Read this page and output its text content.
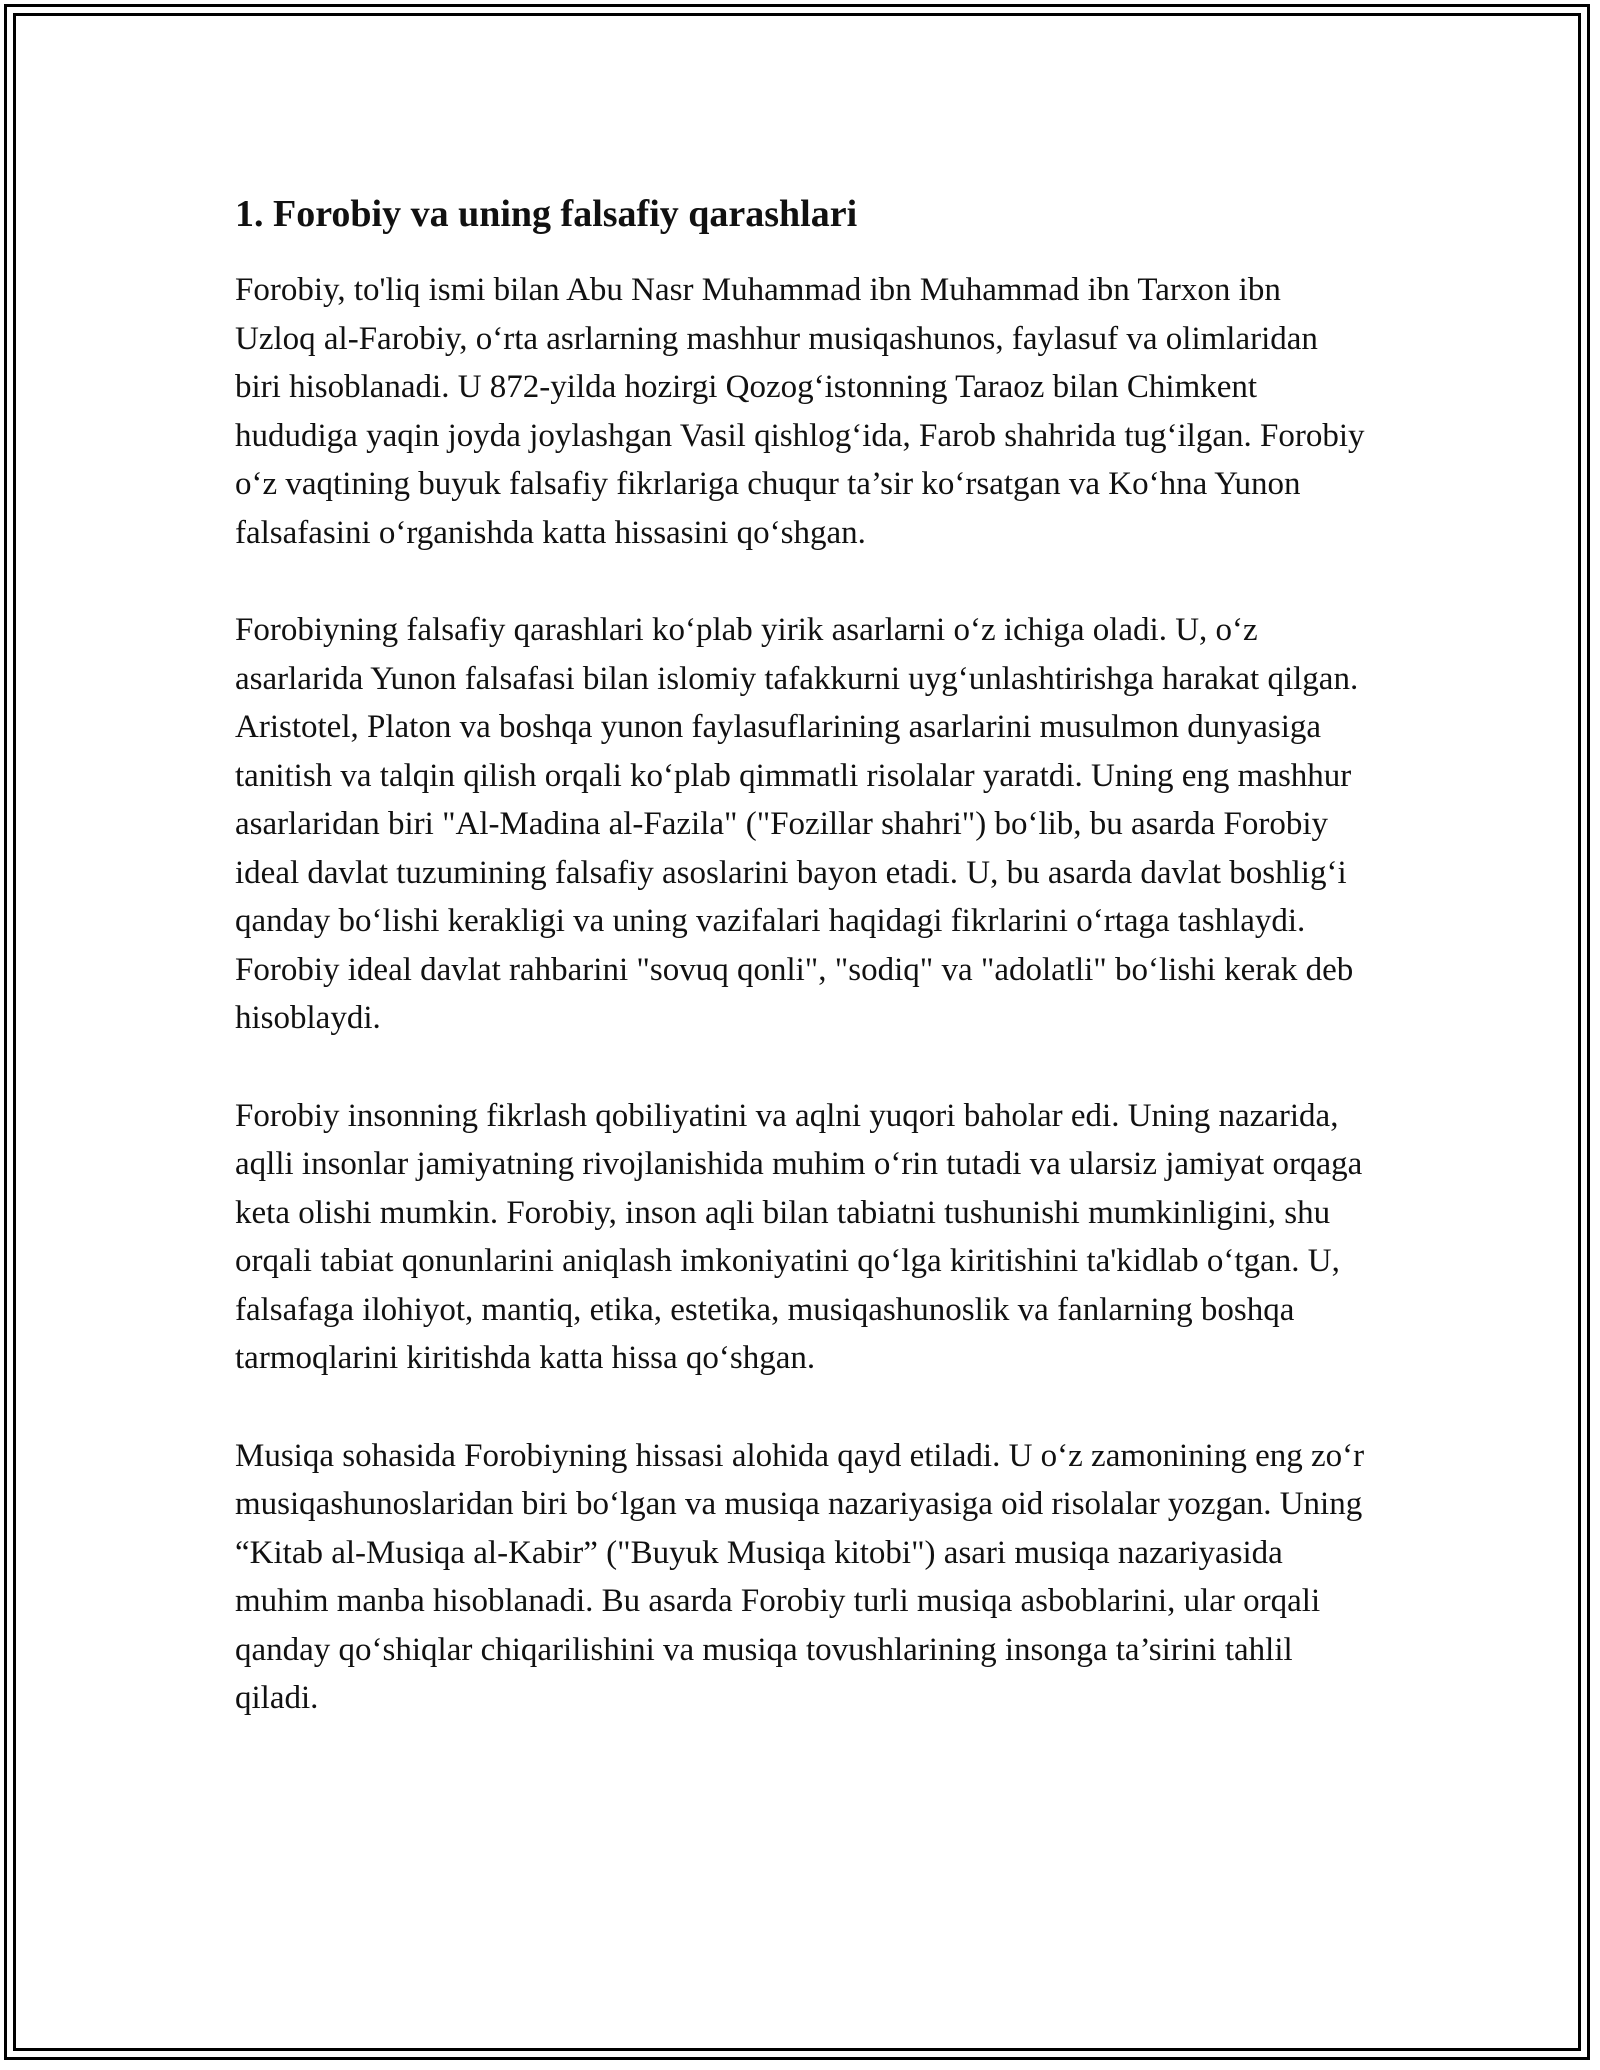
1. Forobiy va uning falsafiy qarashlari

Forobiy, to'liq ismi bilan Abu Nasr Muhammad ibn Muhammad ibn Tarxon ibn Uzloq al-Farobiy, o‘rta asrlarning mashhur musiqashunos, faylasuf va olimlaridan biri hisoblanadi. U 872-yilda hozirgi Qozog‘istonning Taraoz bilan Chimkent hududiga yaqin joyda joylashgan Vasil qishlog‘ida, Farob shahrida tug‘ilgan. Forobiy o‘z vaqtining buyuk falsafiy fikrlariga chuqur ta’sir ko‘rsatgan va Ko‘hna Yunon falsafasini o‘rganishda katta hissasini qo‘shgan.

Forobiyning falsafiy qarashlari ko‘plab yirik asarlarni o‘z ichiga oladi. U, o‘z asarlarida Yunon falsafasi bilan islomiy tafakkurni uyg‘unlashtirishga harakat qilgan. Aristotel, Platon va boshqa yunon faylasuflarining asarlarini musulmon dunyasiga tanitish va talqin qilish orqali ko‘plab qimmatli risolalar yaratdi. Uning eng mashhur asarlaridan biri "Al-Madina al-Fazila" ("Fozillar shahri") bo‘lib, bu asarda Forobiy ideal davlat tuzumining falsafiy asoslarini bayon etadi. U, bu asarda davlat boshlig‘i qanday bo‘lishi kerakligi va uning vazifalari haqidagi fikrlarini o‘rtaga tashlaydi. Forobiy ideal davlat rahbarini "sovuq qonli", "sodiq" va "adolatli" bo‘lishi kerak deb hisoblaydi.

Forobiy insonning fikrlash qobiliyatini va aqlni yuqori baholar edi. Uning nazarida, aqlli insonlar jamiyatning rivojlanishida muhim o‘rin tutadi va ularsiz jamiyat orqaga keta olishi mumkin. Forobiy, inson aqli bilan tabiatni tushunishi mumkinligini, shu orqali tabiat qonunlarini aniqlash imkoniyatini qo‘lga kiritishini ta'kidlab o‘tgan. U, falsafaga ilohiyot, mantiq, etika, estetika, musiqashunoslik va fanlarning boshqa tarmoqlarini kiritishda katta hissa qo‘shgan.

Musiqa sohasida Forobiyning hissasi alohida qayd etiladi. U o‘z zamonining eng zo‘r musiqashunoslaridan biri bo‘lgan va musiqa nazariyasiga oid risolalar yozgan. Uning “Kitab al-Musiqa al-Kabir” ("Buyuk Musiqa kitobi") asari musiqa nazariyasida muhim manba hisoblanadi. Bu asarda Forobiy turli musiqa asboblarini, ular orqali qanday qo‘shiqlar chiqarilishini va musiqa tovushlarining insonga ta’sirini tahlil qiladi.
